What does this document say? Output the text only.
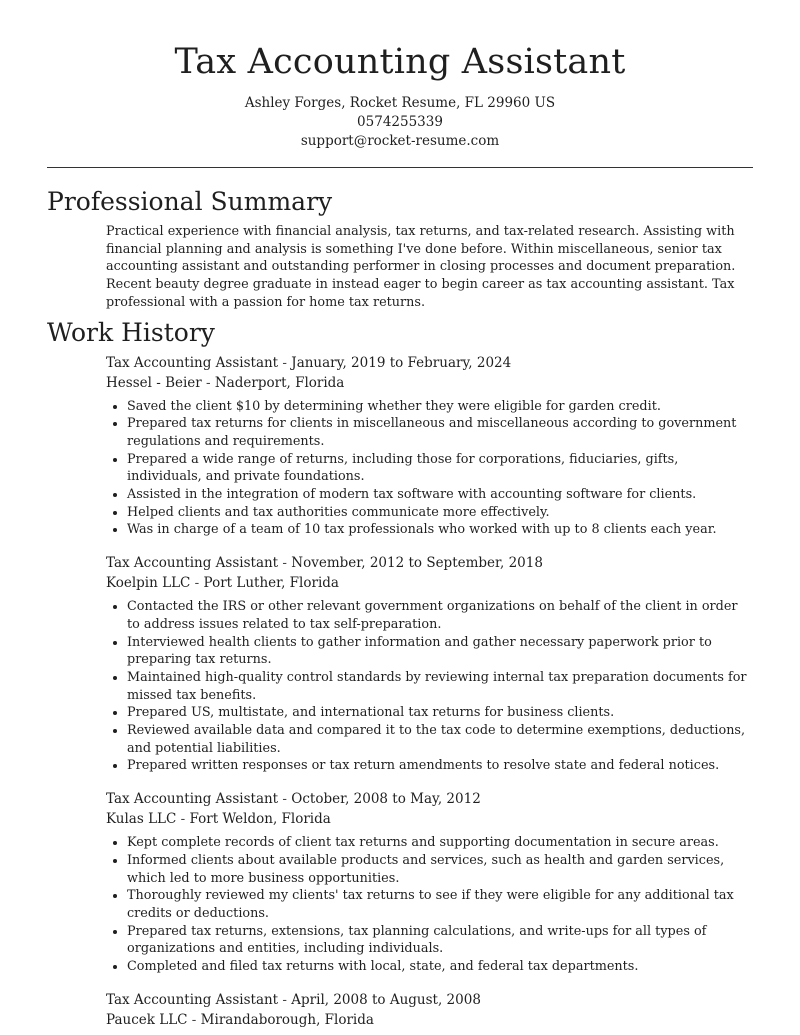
Tax Accounting Assistant
Ashley Forges, Rocket Resume, FL 29960 US
0574255339
support@rocket-resume.com
Professional Summary
Practical experience with financial analysis, tax returns, and tax-related research. Assisting with financial planning and analysis is something I've done before. Within miscellaneous, senior tax accounting assistant and outstanding performer in closing processes and document preparation. Recent beauty degree graduate in instead eager to begin career as tax accounting assistant. Tax professional with a passion for home tax returns.
Work History
Tax Accounting Assistant - January, 2019 to February, 2024
Hessel - Beier - Naderport, Florida
• Saved the client $10 by determining whether they were eligible for garden credit.
• Prepared tax returns for clients in miscellaneous and miscellaneous according to government regulations and requirements.
• Prepared a wide range of returns, including those for corporations, fiduciaries, gifts, individuals, and private foundations.
• Assisted in the integration of modern tax software with accounting software for clients.
• Helped clients and tax authorities communicate more effectively.
• Was in charge of a team of 10 tax professionals who worked with up to 8 clients each year.
Tax Accounting Assistant - November, 2012 to September, 2018
Koelpin LLC - Port Luther, Florida
• Contacted the IRS or other relevant government organizations on behalf of the client in order to address issues related to tax self-preparation.
• Interviewed health clients to gather information and gather necessary paperwork prior to preparing tax returns.
• Maintained high-quality control standards by reviewing internal tax preparation documents for missed tax benefits.
• Prepared US, multistate, and international tax returns for business clients.
• Reviewed available data and compared it to the tax code to determine exemptions, deductions, and potential liabilities.
• Prepared written responses or tax return amendments to resolve state and federal notices.
Tax Accounting Assistant - October, 2008 to May, 2012
Kulas LLC - Fort Weldon, Florida
• Kept complete records of client tax returns and supporting documentation in secure areas.
• Informed clients about available products and services, such as health and garden services, which led to more business opportunities.
• Thoroughly reviewed my clients' tax returns to see if they were eligible for any additional tax credits or deductions.
• Prepared tax returns, extensions, tax planning calculations, and write-ups for all types of organizations and entities, including individuals.
• Completed and filed tax returns with local, state, and federal tax departments.
Tax Accounting Assistant - April, 2008 to August, 2008
Paucek LLC - Mirandaborough, Florida
